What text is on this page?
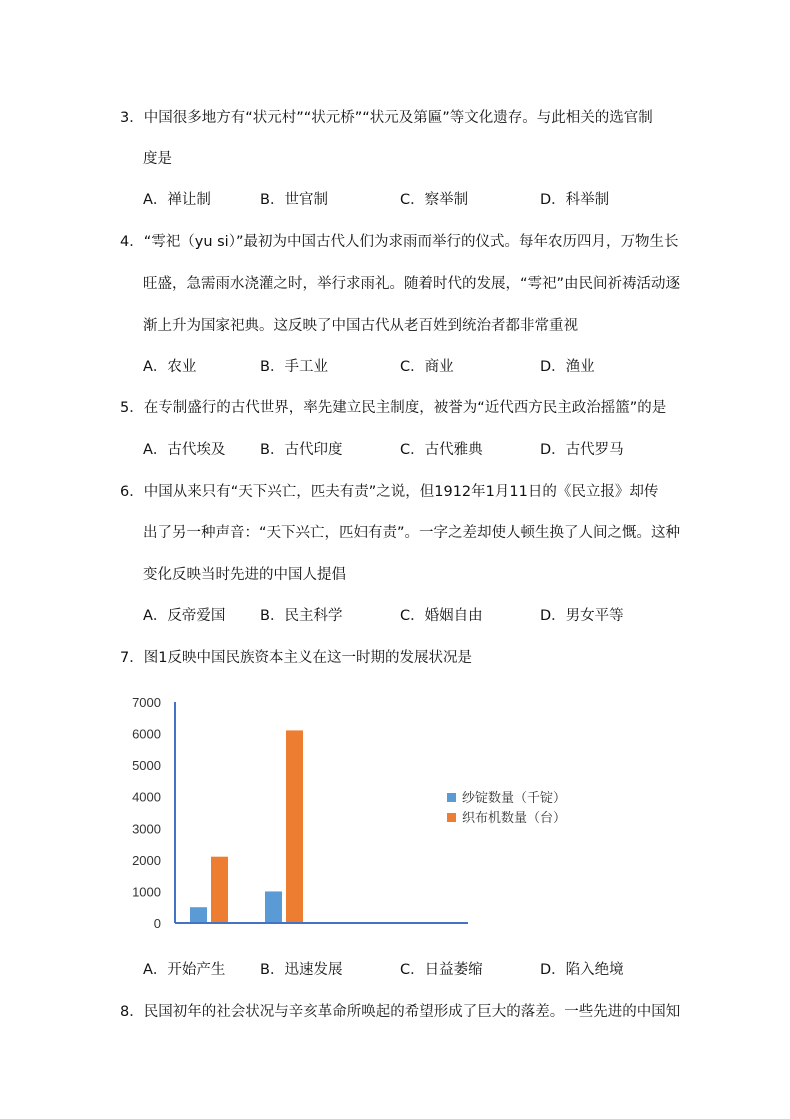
3．中国很多地方有“状元村”“状元桥”“状元及第匾”等文化遗存。与此相关的选官制
度是
A．禅让制	B．世官制	C．察举制	D．科举制
4．“雩祀（yu si）”最初为中国古代人们为求雨而举行的仪式。每年农历四月，万物生长
旺盛，急需雨水浇灌之时，举行求雨礼。随着时代的发展，“雩祀”由民间祈祷活动逐
渐上升为国家祀典。这反映了中国古代从老百姓到统治者都非常重视
A．农业	B．手工业	C．商业	D．渔业
5．在专制盛行的古代世界，率先建立民主制度，被誉为“近代西方民主政治摇篮”的是
A．古代埃及 B．古代印度	C．古代雅典	D．古代罗马
6．中国从来只有“天下兴亡，匹夫有责”之说，但1912年1月11日的《民立报》却传
出了另一种声音：“天下兴亡，匹妇有责”。一字之差却使人顿生换了人间之慨。这种
变化反映当时先进的中国人提倡
A．反帝爱国 B．民主科学	C．婚姻自由	D．男女平等
7．图1反映中国民族资本主义在这一时期的发展状况是
0
1000
2000
3000
4000
5000
6000
7000
纱锭数量（千锭）
织布机数量（台）
A．开始产生 B．迅速发展	C．日益萎缩	D．陷入绝境
8．民国初年的社会状况与辛亥革命所唤起的希望形成了巨大的落差。一些先进的中国知
